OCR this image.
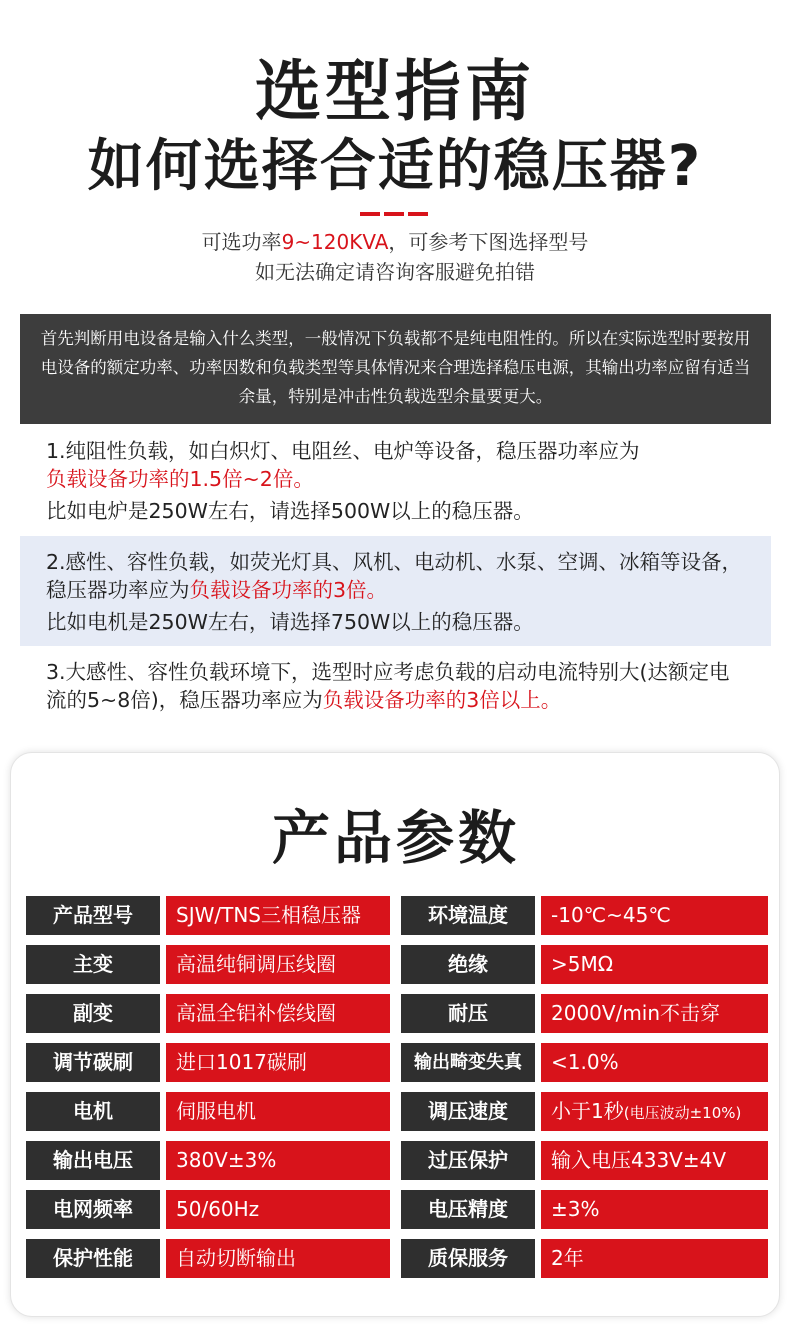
选型指南
如何选择合适的稳压器?
可选功率9~120KVA，可参考下图选择型号
如无法确定请咨询客服避免拍错
首先判断用电设备是输入什么类型，一般情况下负载都不是纯电阻性的。所以在实际选型时要按用电设备的额定功率、功率因数和负载类型等具体情况来合理选择稳压电源，其输出功率应留有适当余量，特别是冲击性负载选型余量要更大。
1.纯阻性负载，如白炽灯、电阻丝、电炉等设备，稳压器功率应为
负载设备功率的1.5倍~2倍。
比如电炉是250W左右，请选择500W以上的稳压器。
2.感性、容性负载，如荧光灯具、风机、电动机、水泵、空调、冰箱等设备，稳压器功率应为负载设备功率的3倍。
比如电机是250W左右，请选择750W以上的稳压器。
3.大感性、容性负载环境下，选型时应考虑负载的启动电流特别大(达额定电流的5~8倍)，稳压器功率应为负载设备功率的3倍以上。
产品参数
产品型号	SJW/TNS三相稳压器	环境温度	-10℃~45℃
主变	高温纯铜调压线圈	绝缘	>5MΩ
副变	高温全铝补偿线圈	耐压	2000V/min不击穿
调节碳刷	进口1017碳刷	输出畸变失真	<1.0%
电机	伺服电机	调压速度	小于1秒(电压波动±10%)
输出电压	380V±3%	过压保护	输入电压433V±4V
电网频率	50/60Hz	电压精度	±3%
保护性能	自动切断输出	质保服务	2年
